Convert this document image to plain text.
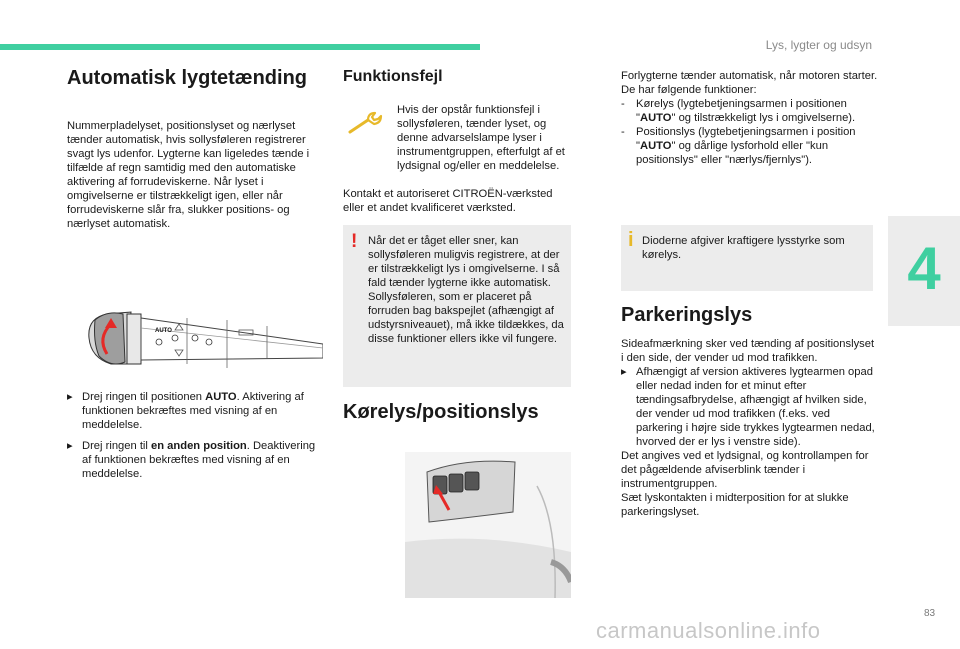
Lys, lygter og udsyn
4
Automatisk lygtetænding

Nummerpladelyset, positionslyset og nærlyset tænder automatisk, hvis sollysføleren registrerer svagt lys udenfor. Lygterne kan ligeledes tænde i tilfælde af regn samtidig med den automatiske aktivering af forrudeviskerne. Når lyset i omgivelserne er tilstrækkeligt igen, eller når forrudeviskerne slår fra, slukker positions- og nærlyset automatisk.

AUTO
▸ Drej ringen til positionen AUTO. Aktivering af funktionen bekræftes med visning af en meddelelse.
▸ Drej ringen til en anden position. Deaktivering af funktionen bekræftes med visning af en meddelelse.
Funktionsfejl
Hvis der opstår funktionsfejl i sollysføleren, tænder lyset, og denne advarselslampe lyser i instrumentgruppen, efterfulgt af et lydsignal og/eller en meddelelse.
Kontakt et autoriseret CITROËN-værksted eller et andet kvalificeret værksted.
! Når det er tåget eller sner, kan sollysføleren muligvis registrere, at der er tilstrækkeligt lys i omgivelserne. I så fald tænder lygterne ikke automatisk. Sollysføleren, som er placeret på forruden bag bakspejlet (afhængigt af udstyrsniveauet), må ikke tildækkes, da disse funktioner ellers ikke vil fungere.
Kørelys/positionslys

Forlygterne tænder automatisk, når motoren starter.

De har følgende funktioner:

-	Kørelys (lygtebetjeningsarmen i positionen "AUTO" og tilstrækkeligt lys i omgivelserne).
-	Positionslys (lygtebetjeningsarmen i position "AUTO" og dårlige lysforhold eller "kun positionslys" eller "nærlys/fjernlys").
i Dioderne afgiver kraftigere lysstyrke som kørelys.
Parkeringslys

Sideafmærkning sker ved tænding af positionslyset i den side, der vender ud mod trafikken.

▸ Afhængigt af version aktiveres lygtearmen opad eller nedad inden for et minut efter tændingsafbrydelse, afhængigt af hvilken side, der vender ud mod trafikken (f.eks. ved parkering i højre side trykkes lygtearmen nedad, hvorved der er lys i venstre side).

Det angives ved et lydsignal, og kontrollampen for det pågældende afviserblink tænder i instrumentgruppen.

Sæt lyskontakten i midterposition for at slukke parkeringslyset.

83
carmanualsonline.info
